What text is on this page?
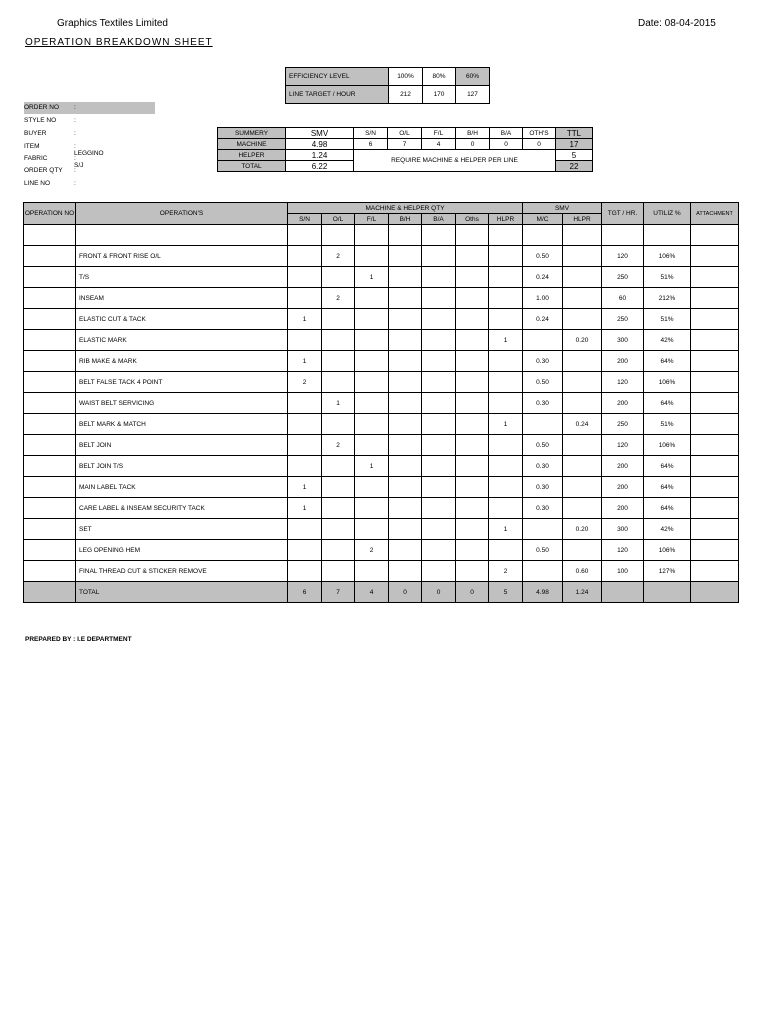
Graphics Textiles Limited	Date: 08-04-2015
OPERATION BREAKDOWN SHEET
EFFICIENCY LEVEL	100%	80%	60%
LINE TARGET / HOUR	212	170	127
ORDER NO	:
STYLE NO	:
BUYER	:
ITEM	: LEGGINO
FABRIC	: S/J
ORDER QTY	:
LINE NO	:
SUMMERY	SMV	S/N	O/L	F/L	B/H	B/A	OTH'S	TTL
MACHINE	4.98	6	7	4	0	0	0	17
HELPER	1.24	REQUIRE MACHINE & HELPER PER LINE						5
TOTAL	6.22							22
OPERATION NO	OPERATION'S	MACHINE & HELPER QTY							SMV		TGT / HR.	UTILIZ %	ATTACHMENT
		S/N	O/L	F/L	B/H	B/A	Oths	HLPR	M/C	HLPR			

	FRONT & FRONT RISE O/L		2						0.50		120	106%	
	T/S			1					0.24		250	51%	
	INSEAM		2						1.00		60	212%	
	ELASTIC CUT & TACK	1							0.24		250	51%	
	ELASTIC MARK							1		0.20	300	42%	
	RIB MAKE & MARK	1							0.30		200	64%	
	BELT FALSE TACK 4 POINT	2							0.50		120	106%	
	WAIST BELT SERVICING		1						0.30		200	64%	
	BELT MARK & MATCH							1		0.24	250	51%	
	BELT JOIN		2						0.50		120	106%	
	BELT JOIN T/S			1					0.30		200	64%	
	MAIN LABEL TACK	1							0.30		200	64%	
	CARE LABEL & INSEAM SECURITY TACK	1							0.30		200	64%	
	SET							1		0.20	300	42%	
	LEG OPENING HEM			2					0.50		120	106%	
	FINAL THREAD CUT & STICKER REMOVE							2		0.60	100	127%	
	TOTAL	6	7	4	0	0	0	5	4.98	1.24			
PREPARED BY : I.E DEPARTMENT
